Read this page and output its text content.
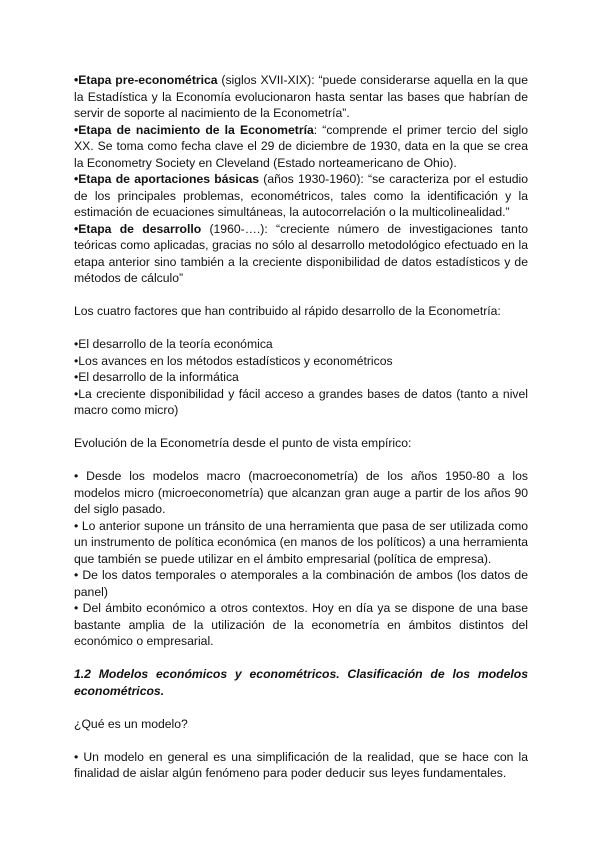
•Etapa pre-econométrica (siglos XVII-XIX): “puede considerarse aquella en la que la Estadística y la Economía evolucionaron hasta sentar las bases que habrían de servir de soporte al nacimiento de la Econometría”.

•Etapa de nacimiento de la Econometría: “comprende el primer tercio del siglo XX. Se toma como fecha clave el 29 de diciembre de 1930, data en la que se crea la Econometry Society en Cleveland (Estado norteamericano de Ohio).

•Etapa de aportaciones básicas (años 1930-1960): “se caracteriza por el estudio de los principales problemas, econométricos, tales como la identificación y la estimación de ecuaciones simultáneas, la autocorrelación o la multicolinealidad.”

•Etapa de desarrollo (1960-….): “creciente número de investigaciones tanto teóricas como aplicadas, gracias no sólo al desarrollo metodológico efectuado en la etapa anterior sino también a la creciente disponibilidad de datos estadísticos y de métodos de cálculo”

Los cuatro factores que han contribuido al rápido desarrollo de la Econometría:

•El desarrollo de la teoría económica

•Los avances en los métodos estadísticos y econométricos

•El desarrollo de la informática

•La creciente disponibilidad y fácil acceso a grandes bases de datos (tanto a nivel macro como micro)

Evolución de la Econometría desde el punto de vista empírico:

• Desde los modelos macro (macroeconometría) de los años 1950-80 a los modelos micro (microeconometría) que alcanzan gran auge a partir de los años 90 del siglo pasado.

• Lo anterior supone un tránsito de una herramienta que pasa de ser utilizada como un instrumento de política económica (en manos de los políticos) a una herramienta que también se puede utilizar en el ámbito empresarial (política de empresa).

• De los datos temporales o atemporales a la combinación de ambos (los datos de panel)

• Del ámbito económico a otros contextos. Hoy en día ya se dispone de una base bastante amplia de la utilización de la econometría en ámbitos distintos del económico o empresarial.

1.2 Modelos económicos y econométricos. Clasificación de los modelos econométricos.

¿Qué es un modelo?

• Un modelo en general es una simplificación de la realidad, que se hace con la finalidad de aislar algún fenómeno para poder deducir sus leyes fundamentales.
